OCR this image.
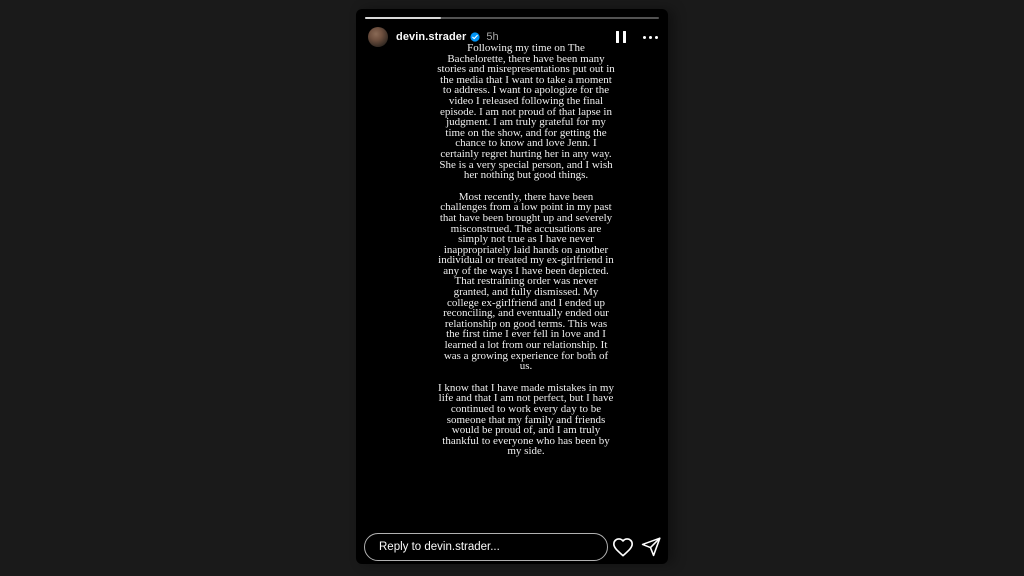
devin.strader 5h

Following my time on The Bachelorette, there have been many stories and misrepresentations put out in the media that I want to take a moment to address. I want to apologize for the video I released following the final episode. I am not proud of that lapse in judgment. I am truly grateful for my time on the show, and for getting the chance to know and love Jenn. I certainly regret hurting her in any way. She is a very special person, and I wish her nothing but good things.

Most recently, there have been challenges from a low point in my past that have been brought up and severely misconstrued. The accusations are simply not true as I have never inappropriately laid hands on another individual or treated my ex-girlfriend in any of the ways I have been depicted. That restraining order was never granted, and fully dismissed. My college ex-girlfriend and I ended up reconciling, and eventually ended our relationship on good terms. This was the first time I ever fell in love and I learned a lot from our relationship. It was a growing experience for both of us.

I know that I have made mistakes in my life and that I am not perfect, but I have continued to work every day to be someone that my family and friends would be proud of, and I am truly thankful to everyone who has been by my side.

Reply to devin.strader...
